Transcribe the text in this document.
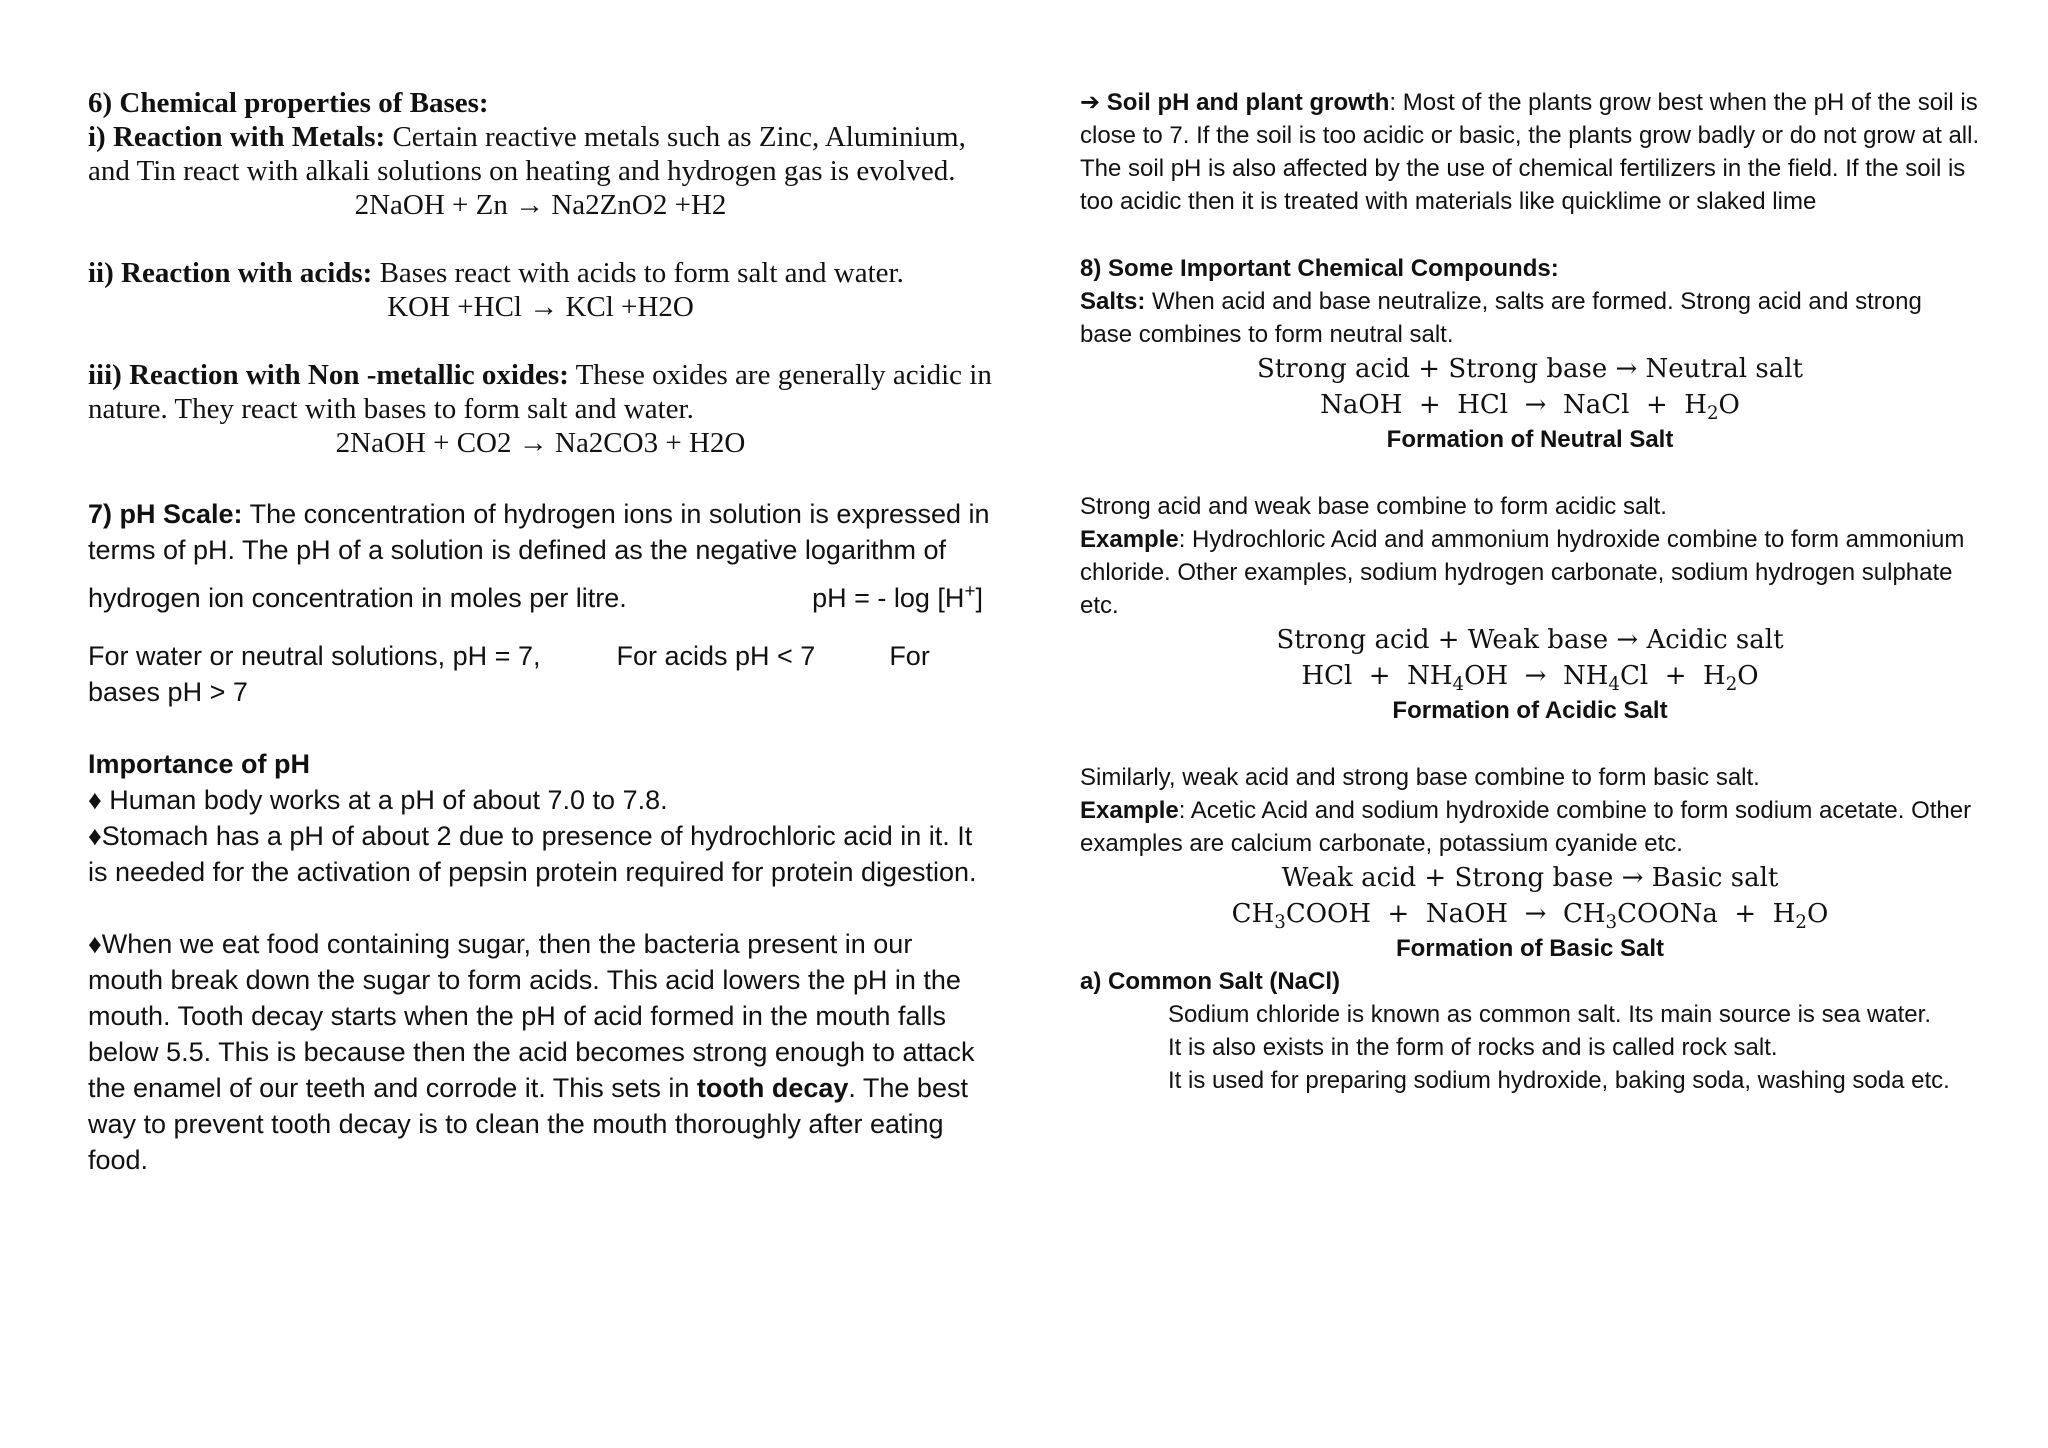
6) Chemical properties of Bases:

i) Reaction with Metals: Certain reactive metals such as Zinc, Aluminium, and Tin react with alkali solutions on heating and hydrogen gas is evolved.

2NaOH + Zn → Na2ZnO2 +H2

ii) Reaction with acids: Bases react with acids to form salt and water.

KOH +HCl → KCl +H2O

iii) Reaction with Non -metallic oxides: These oxides are generally acidic in nature. They react with bases to form salt and water.

2NaOH + CO2 → Na2CO3 + H2O

7) pH Scale: The concentration of hydrogen ions in solution is expressed in terms of pH. The pH of a solution is defined as the negative logarithm of

hydrogen ion concentration in moles per litre.	pH = - log [H+]

For water or neutral solutions, pH = 7,	For acids pH < 7	For

bases pH > 7

Importance of pH

♦ Human body works at a pH of about 7.0 to 7.8.

♦Stomach has a pH of about 2 due to presence of hydrochloric acid in it. It is needed for the activation of pepsin protein required for protein digestion.

♦When we eat food containing sugar, then the bacteria present in our mouth break down the sugar to form acids. This acid lowers the pH in the mouth. Tooth decay starts when the pH of acid formed in the mouth falls below 5.5. This is because then the acid becomes strong enough to attack the enamel of our teeth and corrode it. This sets in tooth decay. The best way to prevent tooth decay is to clean the mouth thoroughly after eating food.

➔ Soil pH and plant growth: Most of the plants grow best when the pH of the soil is close to 7. If the soil is too acidic or basic, the plants grow badly or do not grow at all. The soil pH is also affected by the use of chemical fertilizers in the field. If the soil is too acidic then it is treated with materials like quicklime or slaked lime

8) Some Important Chemical Compounds:

Salts: When acid and base neutralize, salts are formed. Strong acid and strong base combines to form neutral salt.

Strong acid + Strong base → Neutral salt

NaOH  +  HCl  →  NaCl  +  $H_2O$

Formation of Neutral Salt

Strong acid and weak base combine to form acidic salt.

Example: Hydrochloric Acid and ammonium hydroxide combine to form ammonium chloride. Other examples, sodium hydrogen carbonate, sodium hydrogen sulphate etc.

Strong acid + Weak base → Acidic salt

HCl  +  $NH_4OH \to NH_4Cl + H_2O$

Formation of Acidic Salt

Similarly, weak acid and strong base combine to form basic salt.

Example: Acetic Acid and sodium hydroxide combine to form sodium acetate. Other examples are calcium carbonate, potassium cyanide etc.

Weak acid + Strong base → Basic salt

$CH_3COOH$  +  NaOH  →  $CH_3COONa + H_2O$

Formation of Basic Salt

a) Common Salt (NaCl)

Sodium chloride is known as common salt. Its main source is sea water.

It is also exists in the form of rocks and is called rock salt.

It is used for preparing sodium hydroxide, baking soda, washing soda etc.
